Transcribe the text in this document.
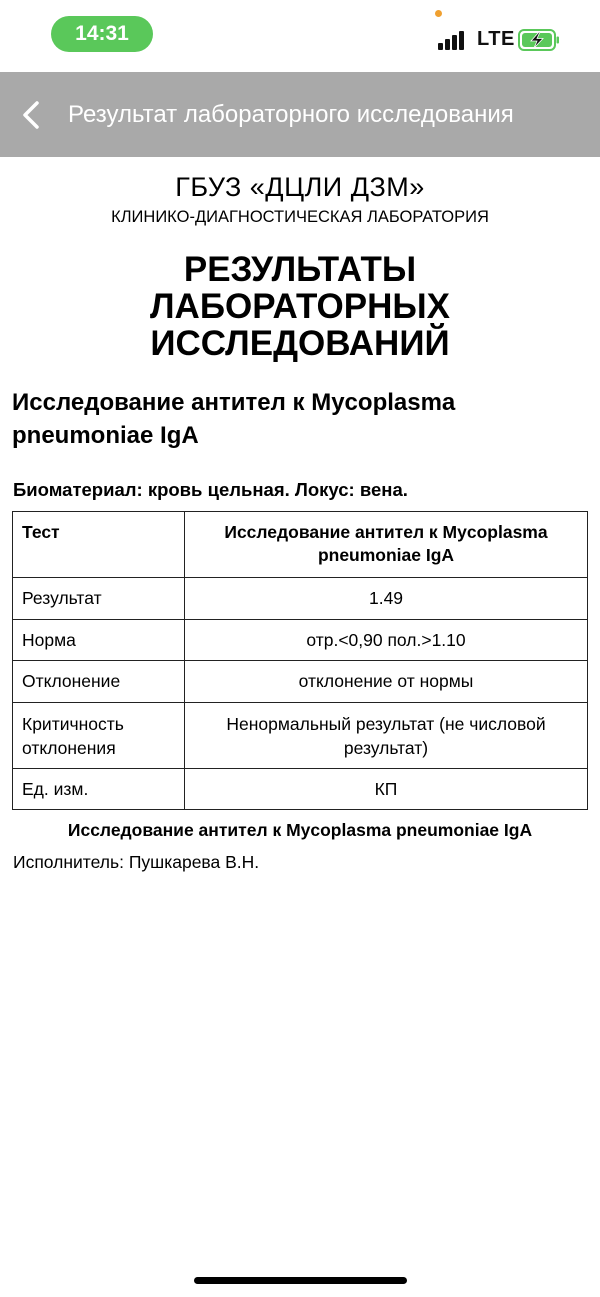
14:31	LTE
Результат лабораторного исследования
ГБУЗ «ДЦЛИ ДЗМ»
КЛИНИКО-ДИАГНОСТИЧЕСКАЯ ЛАБОРАТОРИЯ
РЕЗУЛЬТАТЫ
ЛАБОРАТОРНЫХ
ИССЛЕДОВАНИЙ
Исследование антител к Mycoplasma pneumoniae IgA
Биоматериал: кровь цельная. Локус: вена.
Тест	Исследование антител к Mycoplasma pneumoniae IgA
Результат	1.49
Норма	отр.<0,90 пол.>1.10
Отклонение	отклонение от нормы
Критичность отклонения	Ненормальный результат (не числовой результат)
Ед. изм.	КП
Исследование антител к Mycoplasma pneumoniae IgA
Исполнитель: Пушкарева В.Н.
